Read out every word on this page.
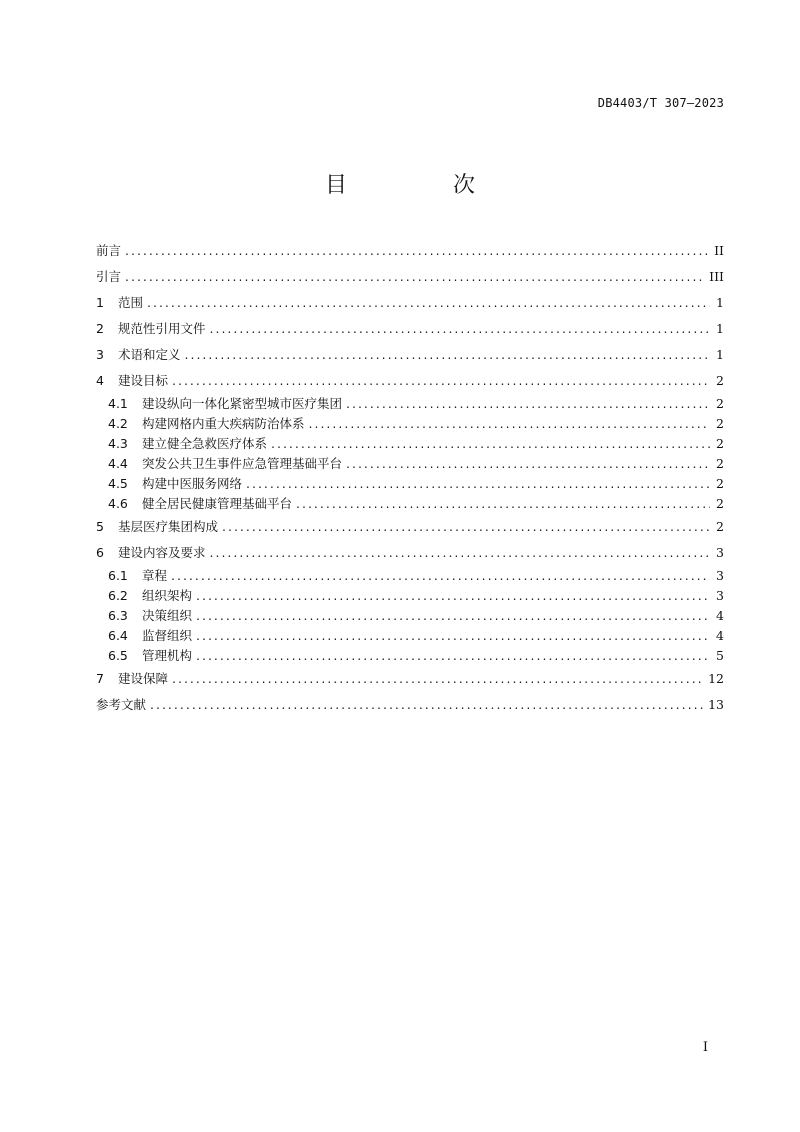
DB4403/T 307—2023
目　次
前言 .....	II
引言 .....	III
1	范围 .....	1
2	规范性引用文件 .....	1
3	术语和定义 .....	1
4	建设目标 .....	2
4.1	建设纵向一体化紧密型城市医疗集团 .....	2
4.2	构建网格内重大疾病防治体系 .....	2
4.3	建立健全急救医疗体系 .....	2
4.4	突发公共卫生事件应急管理基础平台 .....	2
4.5	构建中医服务网络 .....	2
4.6	健全居民健康管理基础平台 .....	2
5	基层医疗集团构成 .....	2
6	建设内容及要求 .....	3
6.1	章程 .....	3
6.2	组织架构 .....	3
6.3	决策组织 .....	4
6.4	监督组织 .....	4
6.5	管理机构 .....	5
7	建设保障 .....	12
参考文献 .....	13
I
